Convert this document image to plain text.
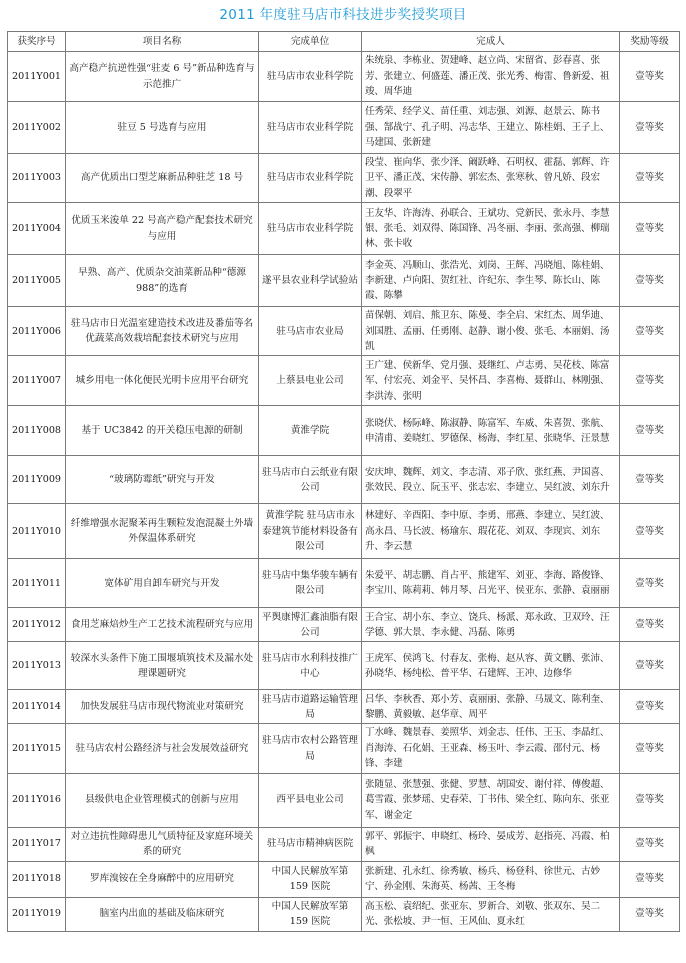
2011 年度驻马店市科技进步奖授奖项目
获奖序号	项目名称	完成单位	完成人	奖励等级
2011Y001	高产稳产抗逆性强“驻麦 6 号”新品种选育与示范推广	驻马店市农业科学院	朱统泉、李栋业、贺建峰、赵立尚、宋留省、彭春喜、张芳、张建立、何盛莲、潘正茂、张光秀、梅雷、鲁新爱、祖竣、周华迪	壹等奖
2011Y002	驻豆 5 号选育与应用	驻马店市农业科学院	任秀荣、经学义、苗任重、刘志强、刘源、赵景云、陈书强、郜战宁、孔子明、冯志华、王建立、陈桂娟、王子上、马建国、张新建	壹等奖
2011Y003	高产优质出口型芝麻新品种驻芝 18 号	驻马店市农业科学院	段莹、崔向华、张少泽、阚跃峰、石明权、霍磊、郭辉、许卫平、潘正茂、宋传静、郭宏杰、张寒秋、曾凡娇、段宏潮、段翠平	壹等奖
2011Y004	优质玉米浚单 22 号高产稳产配套技术研究与应用	驻马店市农业科学院	王友华、许海涛、孙联合、王斌功、党新民、张永丹、李慧银、张毛、刘双得、陈国锋、冯冬丽、李丽、张高强、柳瑞林、张卡收	壹等奖
2011Y005	早熟、高产、优质杂交油菜新品种“德源 988”的选育	遂平县农业科学试验站	李金英、冯顺山、张浩光、刘岗、王辉、冯晓旭、陈桂娟、李新建、卢向阳、贺红社、许纪东、李生琴、陈长山、陈霞、陈攀	壹等奖
2011Y006	驻马店市日光温室建造技术改进及番茄等名优蔬菜高效栽培配套技术研究与应用	驻马店市农业局	苗保朝、刘启、熊卫东、陈曼、李全启、宋红杰、周华迪、刘国胜、孟丽、任勇刚、赵静、谢小俊、张毛、本丽娟、汤凯	壹等奖
2011Y007	城乡用电一体化便民光明卡应用平台研究	上蔡县电业公司	王广建、侯新华、党月强、聂继红、卢志勇、吴花枝、陈富军、付宏亮、刘金平、吴怀昌、李喜梅、聂群山、林刚强、李洪涛、张明	壹等奖
2011Y008	基于 UC3842 的开关稳压电源的研制	黄淮学院	张晓伏、杨际峰、陈淑静、陈富军、车威、朱喜贺、张航、申清甫、姜晓红、罗德保、杨海、李红星、张晓华、汪景慧	壹等奖
2011Y009	“玻璃防霉纸”研究与开发	驻马店市白云纸业有限公司	安庆坤、魏辉、刘文、李志清、邓子欣、张红燕、尹国喜、张效民、段立、阮玉平、张志宏、李建立、吴红波、刘东升	壹等奖
2011Y010	纤维增强水泥聚苯再生颗粒发泡混凝土外墙外保温体系研究	黄淮学院 驻马店市永泰建筑节能材料设备有限公司	林建好、辛酉阳、李中原、李勇、邢燕、李建立、吴红波、高永昌、马长波、杨瑜东、瑕花花、刘双、李现宾、刘东升、李云慧	壹等奖
2011Y011	宽体矿用自卸车研究与开发	驻马店中集华骏车辆有限公司	朱爱平、胡志鹏、肖占平、熊建军、刘亚、李海、路俊锋、李宝川、陈莉莉、韩月琴、吕光平、侯亚东、张静、袁丽丽	壹等奖
2011Y012	食用芝麻焙炒生产工艺技术流程研究与应用	平舆康博汇鑫油脂有限公司	王合宝、胡小东、李立、饶兵、杨派、郑永政、卫双玲、汪学德、郭大景、李永健、冯磊、陈勇	壹等奖
2011Y013	较深水头条件下施工围堰填筑技术及漏水处理课题研究	驻马店市水利科技推广中心	王虎军、侯鸿飞、付春友、张梅、赵从容、黄文鹏、张沛、孙晓华、杨纯松、普平华、石建辉、王冲、边修华	壹等奖
2011Y014	加快发展驻马店市现代物流业对策研究	驻马店市道路运输管理局	吕华、李秋香、郑小芳、袁丽丽、张静、马晟文、陈利奎、黎鹏、黄毅敏、赵华章、周平	壹等奖
2011Y015	驻马店农村公路经济与社会发展效益研究	驻马店市农村公路管理局	丁水峰、魏景春、姜照华、刘金志、任伟、王玉、李晶红、肖海涛、石化娟、王亚森、杨玉叶、李云霞、邵付元、杨锋、李建	壹等奖
2011Y016	县级供电企业管理模式的创新与应用	西平县电业公司	张随显、张慧强、张健、罗慧、胡国安、谢付祥、傅俊超、葛雪霞、张梦瑶、史春荣、丁书伟、梁全红、陈向东、张亚军、谢金定	壹等奖
2011Y017	对立违抗性障碍患儿气质特征及家庭环境关系的研究	驻马店市精神病医院	郭平、郭振宇、申晓红、杨玲、晏成芳、赵指亮、冯霞、柏枫	壹等奖
2011Y018	罗库溴铵在全身麻醉中的应用研究	中国人民解放军第 159 医院	张新建、孔永红、徐秀敏、杨兵、杨登科、徐世元、古妙宁、孙金刚、朱海英、杨茜、王冬梅	壹等奖
2011Y019	脑室内出血的基础及临床研究	中国人民解放军第 159 医院	高玉松、袁绍纪、张亚东、罗新合、刘敬、张双东、吴二光、张松坡、尹一恒、王风仙、夏永红	壹等奖
